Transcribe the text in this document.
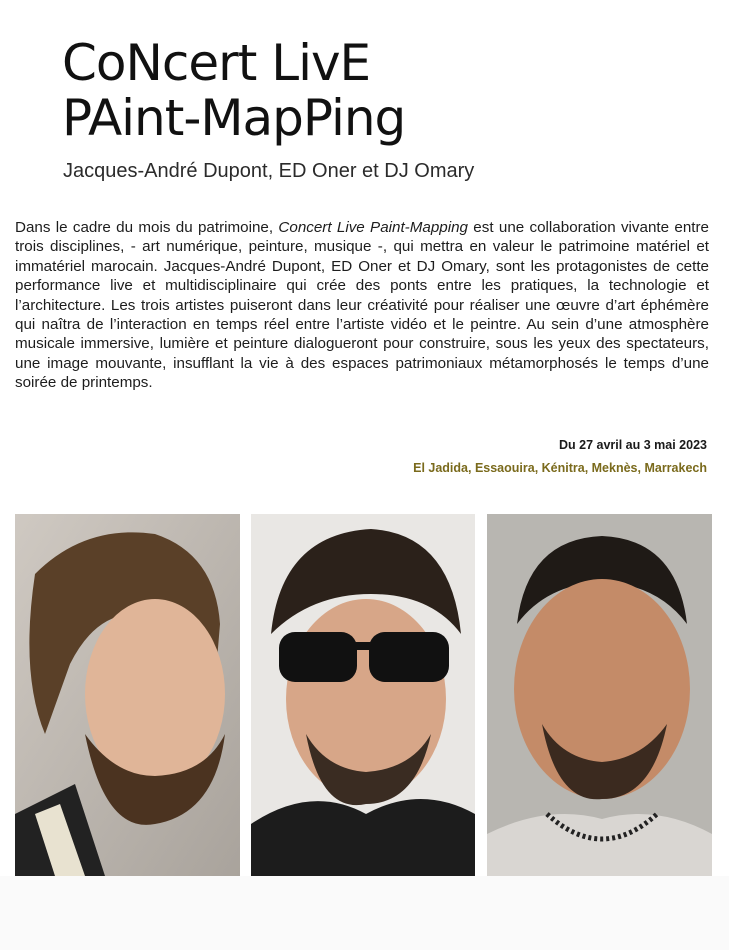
CoNcert LivE
PAint-MapPing

Jacques-André Dupont, ED Oner et DJ Omary

Dans le cadre du mois du patrimoine, Concert Live Paint-Mapping est une collaboration vivante entre trois disciplines, - art numérique, peinture, musique -, qui mettra en valeur le patrimoine matériel et immatériel marocain. Jacques-André Dupont, ED Oner et DJ Omary, sont les protagonistes de cette performance live et multidisciplinaire qui crée des ponts entre les pratiques, la technologie et l’architecture. Les trois artistes puiseront dans leur créativité pour réaliser une œuvre d’art éphémère qui naîtra de l’interaction en temps réel entre l’artiste vidéo et le peintre. Au sein d’une atmosphère musicale immersive, lumière et peinture dialogueront pour construire, sous les yeux des spectateurs, une image mouvante, insufflant la vie à des espaces patrimoniaux métamorphosés le temps d’une soirée de printemps.

Du 27 avril au 3 mai 2023
El Jadida, Essaouira, Kénitra, Meknès, Marrakech
